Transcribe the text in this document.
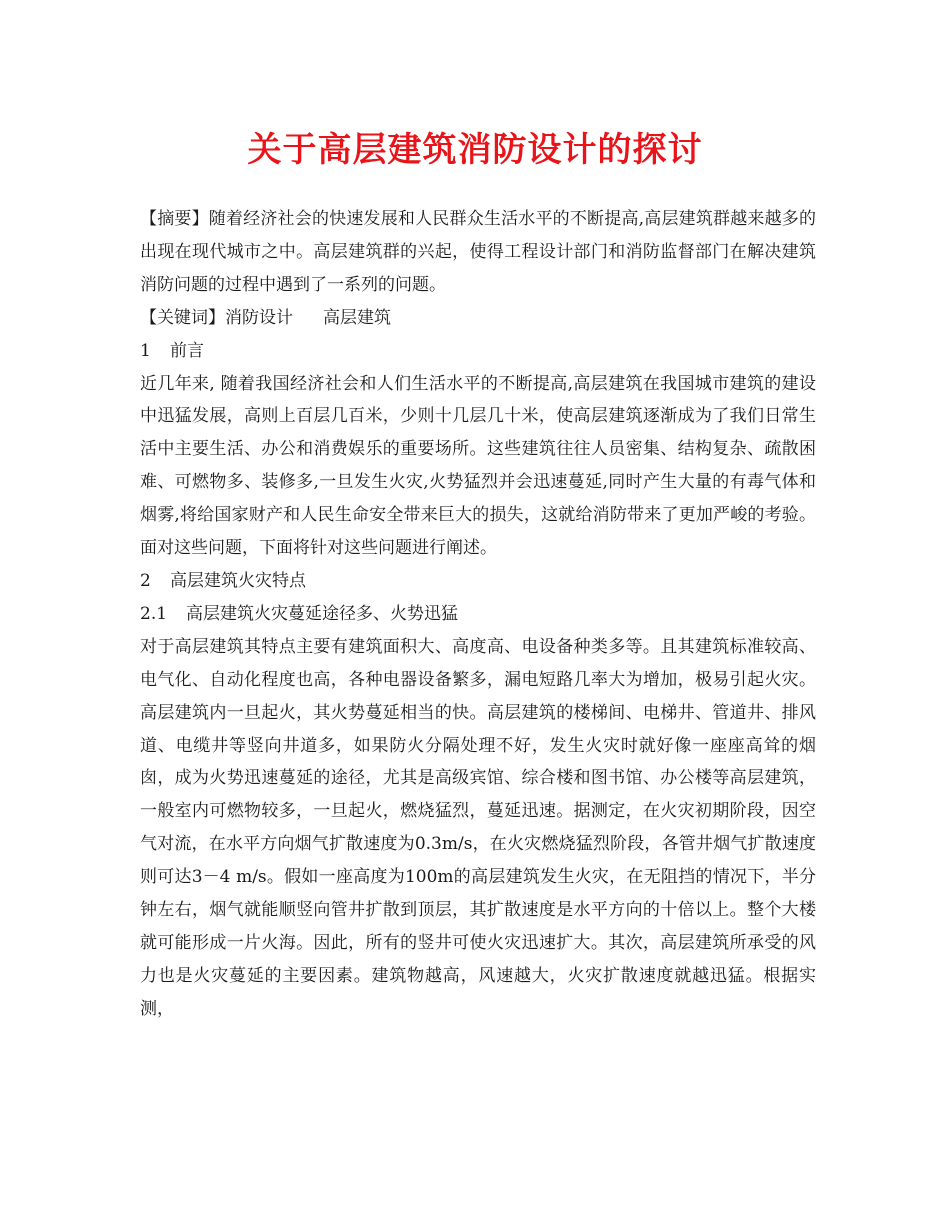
关于高层建筑消防设计的探讨

【摘要】随着经济社会的快速发展和人民群众生活水平的不断提高,高层建筑群越来越多的出现在现代城市之中。高层建筑群的兴起，使得工程设计部门和消防监督部门在解决建筑消防问题的过程中遇到了一系列的问题。

【关键词】消防设计 高层建筑

1 前言

近几年来, 随着我国经济社会和人们生活水平的不断提高,高层建筑在我国城市建筑的建设中迅猛发展，高则上百层几百米，少则十几层几十米，使高层建筑逐渐成为了我们日常生活中主要生活、办公和消费娱乐的重要场所。这些建筑往往人员密集、结构复杂、疏散困难、可燃物多、装修多,一旦发生火灾,火势猛烈并会迅速蔓延,同时产生大量的有毒气体和烟雾,将给国家财产和人民生命安全带来巨大的损失，这就给消防带来了更加严峻的考验。面对这些问题，下面将针对这些问题进行阐述。

2 高层建筑火灾特点

2.1 高层建筑火灾蔓延途径多、火势迅猛

对于高层建筑其特点主要有建筑面积大、高度高、电设备种类多等。且其建筑标准较高、电气化、自动化程度也高，各种电器设备繁多，漏电短路几率大为增加，极易引起火灾。高层建筑内一旦起火，其火势蔓延相当的快。高层建筑的楼梯间、电梯井、管道井、排风道、电缆井等竖向井道多，如果防火分隔处理不好，发生火灾时就好像一座座高耸的烟囱，成为火势迅速蔓延的途径，尤其是高级宾馆、综合楼和图书馆、办公楼等高层建筑，一般室内可燃物较多，一旦起火，燃烧猛烈，蔓延迅速。据测定，在火灾初期阶段，因空气对流，在水平方向烟气扩散速度为0.3m/s，在火灾燃烧猛烈阶段，各管井烟气扩散速度则可达3－4 m/s。假如一座高度为100m的高层建筑发生火灾，在无阻挡的情况下，半分钟左右，烟气就能顺竖向管井扩散到顶层，其扩散速度是水平方向的十倍以上。整个大楼就可能形成一片火海。因此，所有的竖井可使火灾迅速扩大。其次，高层建筑所承受的风力也是火灾蔓延的主要因素。建筑物越高，风速越大，火灾扩散速度就越迅猛。根据实测，
